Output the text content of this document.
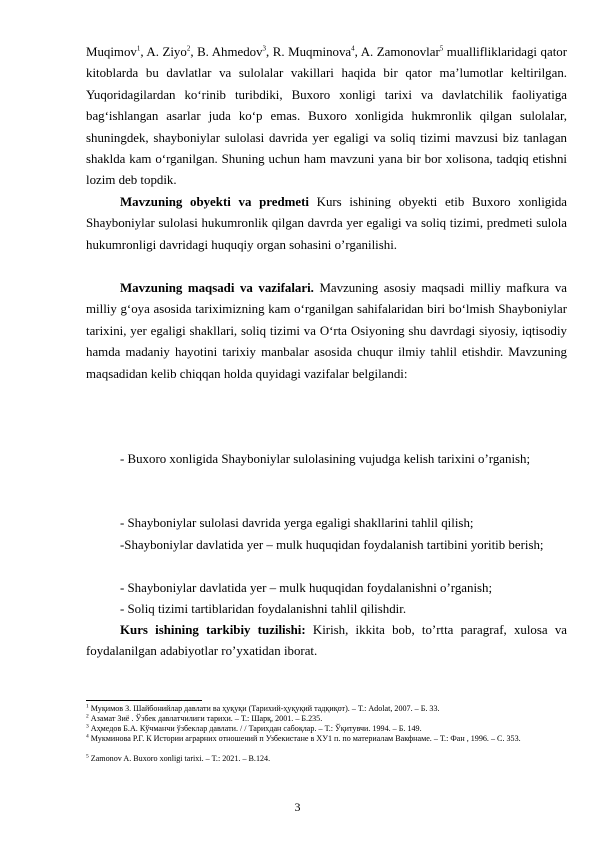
Muqimov$^1$, A. Ziyo$^2$, B. Ahmedov$^3$, R. Muqminova$^4$, A. Zamonovlar$^5$ muallifliklaridagi qator kitoblarda bu davlatlar va sulolalar vakillari haqida bir qator ma’lumotlar keltirilgan. Yuqoridagilardan ko‘rinib turibdiki, Buxoro xonligi tarixi va davlatchilik faoliyatiga bag‘ishlangan asarlar juda ko‘p emas. Buxoro xonligida hukmronlik qilgan sulolalar, shuningdek, shayboniylar sulolasi davrida yer egaligi va soliq tizimi mavzusi biz tanlagan shaklda kam o‘rganilgan. Shuning uchun ham mavzuni yana bir bor xolisona, tadqiq etishni lozim deb topdik.

Mavzuning obyekti va predmeti Kurs ishining obyekti etib Buxoro xonligida Shayboniylar sulolasi hukumronlik qilgan davrda yer egaligi va soliq tizimi, predmeti sulola hukumronligi davridagi huquqiy organ sohasini o’rganilishi.

Mavzuning maqsadi va vazifalari. Mavzuning asosiy maqsadi milliy mafkura va milliy g‘oya asosida tariximizning kam o‘rganilgan sahifalaridan biri bo‘lmish Shayboniylar tarixini, yer egaligi shakllari, soliq tizimi va O‘rta Osiyoning shu davrdagi siyosiy, iqtisodiy hamda madaniy hayotini tarixiy manbalar asosida chuqur ilmiy tahlil etishdir. Mavzuning maqsadidan kelib chiqqan holda quyidagi vazifalar belgilandi:

- Buxoro xonligida Shayboniylar sulolasining vujudga kelish tarixini o’rganish;

- Shayboniylar sulolasi davrida yerga egaligi shakllarini tahlil qilish;

-Shayboniylar davlatida yer – mulk huquqidan foydalanish tartibini yoritib berish;

- Shayboniylar davlatida yer – mulk huquqidan foydalanishni o’rganish;

- Soliq tizimi tartiblaridan foydalanishni tahlil qilishdir.

Kurs ishining tarkibiy tuzilishi: Kirish, ikkita bob, to’rtta paragraf, xulosa va foydalanilgan adabiyotlar ro’yxatidan iborat.

$^1$ Муқимов З. Шайбонийлар давлати ва ҳуқуқи (Тарихий-ҳуқуқий тадқиқот). – Т.: Adolat, 2007. – Б. 33.

$^2$ Азамат Зиё . Ўзбек давлатчилиги тарихи. – Т.: Шарқ, 2001. – Б.235.

$^3$ Аҳмедов Б.А. Кўчманчи ўзбеклар давлати. / / Тарихдан сабоқлар. – Т.: Ўқитувчи. 1994. – Б. 149.

$^4$ Мукминова Р.Г. К Истории аграрних отношений п Узбекистане в ХУ1 п. по материалам Вакфнаме. – Т.: Фан , 1996. – С. 353.

$^5$ Zamonov A. Buxoro xonligi tarixi. – T.: 2021. – B.124.

3
